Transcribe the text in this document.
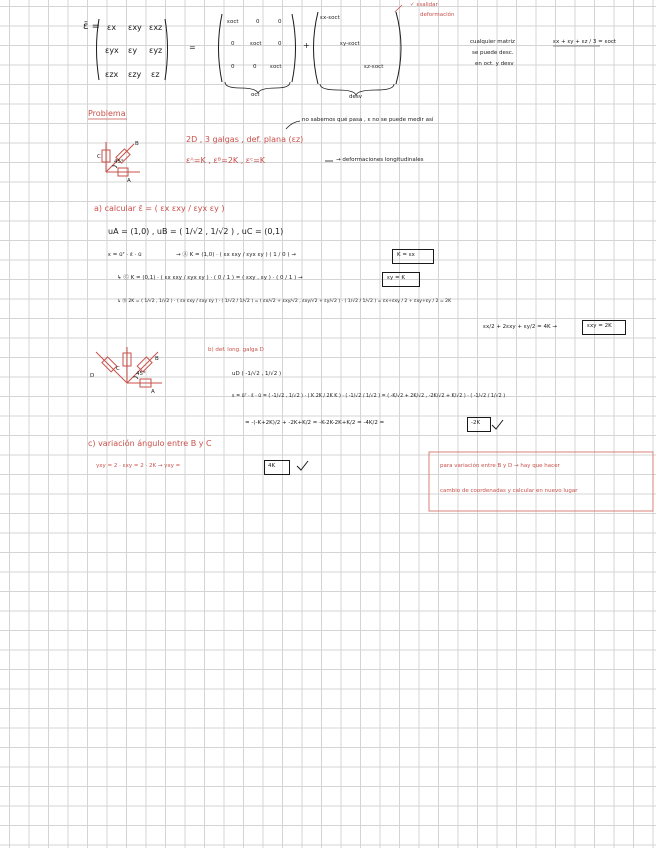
ε̄ = εx εxy εxz
εyx εy εyz
εzx εzy εz
=
εoct	0	0
0	εoct	0
0	0 εoct
+
εx-εoct
εy-εoct
εz-εoct
oct	desv
✓ εsalidar
deformación
cualquier matriz
se puede desc.
en oct. y desv
εx + εy + εz / 3 = εoct
Problema
2D , 3 galgas , def. plana (εz)
no sabemos qué pasa , ε no se puede medir así
εᴬ=K , εᴮ=2K , εᶜ=K	→ deformaciones longitudinales
C
B
A
45°
a) calcular ε̄ = ( εx εxy / εyx εy )
uA = (1,0) , uB = ( 1/√2 , 1/√2 ) , uC = (0,1)
ε = ūᵀ · ε̄ · ū	→ Ⓐ K = (1,0) · ( εx εxy / εyx εy ) ( 1 / 0 ) →	K = εx
↳ Ⓒ K = (0,1) · ( εx εxy / εyx εy ) · ( 0 / 1 ) = ( εxy , εy ) · ( 0 / 1 ) →	εy = K
↳ Ⓑ 2K = ( 1/√2 , 1/√2 ) · ( εx εxy / εxy εy ) · ( 1/√2 / 1/√2 ) = ( εx/√2 + εxy/√2 , εxy/√2 + εy/√2 ) · ( 1/√2 / 1/√2 ) = εx+εxy / 2 + εxy+εy / 2 = 2K
εx/2 + 2εxy + εy/2 = 4K →	εxy = 2K
b) def. long. galga D
uD ( -1/√2 , 1/√2 )
ε = ūᵀ · ε̄ · ū = ( -1/√2 , 1/√2 ) · ( K 2K / 2K K ) · ( -1/√2 / 1/√2 ) = ( -K/√2 + 2K/√2 , -2K/√2 + K/√2 ) · ( -1/√2 / 1/√2 )
= -(-K+2K)/2 + -2K+K/2 = -K-2K-2K+K/2 = -4K/2 =	-2K
D
C
B
A
45°
c) variación ángulo entre B y C
γxy = 2 · εxy = 2 · 2K → γxy =	4K	para variación entre B y D → hay que hacer
cambio de coordenadas y calcular en nuevo lugar
